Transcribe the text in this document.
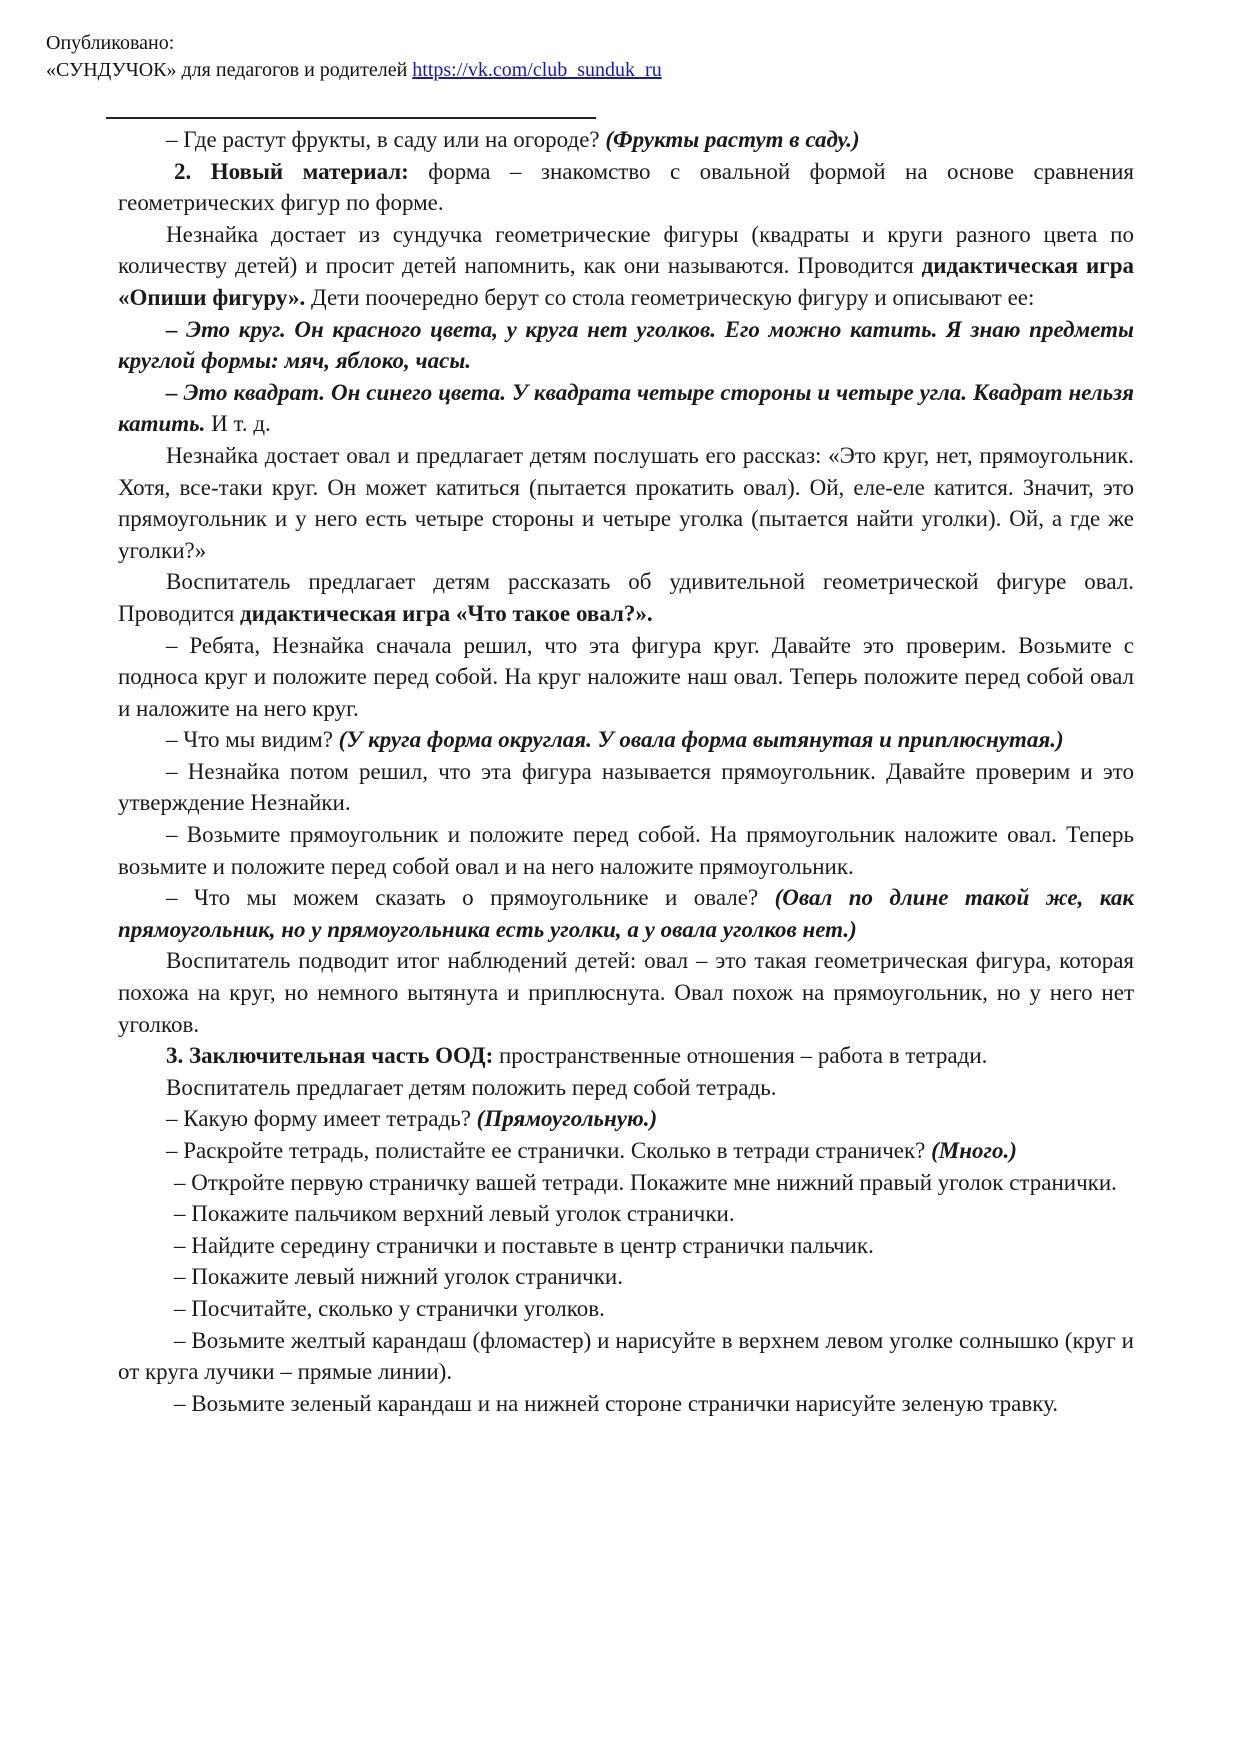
Опубликовано:
«СУНДУЧОК» для педагогов и родителей https://vk.com/club_sunduk_ru

– Где растут фрукты, в саду или на огороде? (Фрукты растут в саду.)

2. Новый материал: форма – знакомство с овальной формой на основе сравнения геометрических фигур по форме.

Незнайка достает из сундучка геометрические фигуры (квадраты и круги разного цвета по количеству детей) и просит детей напомнить, как они называются. Проводится дидактическая игра «Опиши фигуру». Дети поочередно берут со стола геометрическую фигуру и описывают ее:

– Это круг. Он красного цвета, у круга нет уголков. Его можно катить. Я знаю предметы круглой формы: мяч, яблоко, часы.

– Это квадрат. Он синего цвета. У квадрата четыре стороны и четыре угла. Квадрат нельзя катить. И т. д.

Незнайка достает овал и предлагает детям послушать его рассказ: «Это круг, нет, прямоугольник. Хотя, все-таки круг. Он может катиться (пытается прокатить овал). Ой, еле-еле катится. Значит, это прямоугольник и у него есть четыре стороны и четыре уголка (пытается найти уголки). Ой, а где же уголки?»

Воспитатель предлагает детям рассказать об удивительной геометрической фигуре овал. Проводится дидактическая игра «Что такое овал?».

– Ребята, Незнайка сначала решил, что эта фигура круг. Давайте это проверим. Возьмите с подноса круг и положите перед собой. На круг наложите наш овал. Теперь положите перед собой овал и наложите на него круг.

– Что мы видим? (У круга форма округлая. У овала форма вытянутая и приплюснутая.)

– Незнайка потом решил, что эта фигура называется прямоугольник. Давайте проверим и это утверждение Незнайки.

– Возьмите прямоугольник и положите перед собой. На прямоугольник наложите овал. Теперь возьмите и положите перед собой овал и на него наложите прямоугольник.

– Что мы можем сказать о прямоугольнике и овале? (Овал по длине такой же, как прямоугольник, но у прямоугольника есть уголки, а у овала уголков нет.)

Воспитатель подводит итог наблюдений детей: овал – это такая геометрическая фигура, которая похожа на круг, но немного вытянута и приплюснута. Овал похож на прямоугольник, но у него нет уголков.

3. Заключительная часть ООД: пространственные отношения – работа в тетради.

Воспитатель предлагает детям положить перед собой тетрадь.

– Какую форму имеет тетрадь? (Прямоугольную.)

– Раскройте тетрадь, полистайте ее странички. Сколько в тетради страничек? (Много.)

– Откройте первую страничку вашей тетради. Покажите мне нижний правый уголок странички.

– Покажите пальчиком верхний левый уголок странички.

– Найдите середину странички и поставьте в центр странички пальчик.

– Покажите левый нижний уголок странички.

– Посчитайте, сколько у странички уголков.

– Возьмите желтый карандаш (фломастер) и нарисуйте в верхнем левом уголке солнышко (круг и от круга лучики – прямые линии).

– Возьмите зеленый карандаш и на нижней стороне странички нарисуйте зеленую травку.
